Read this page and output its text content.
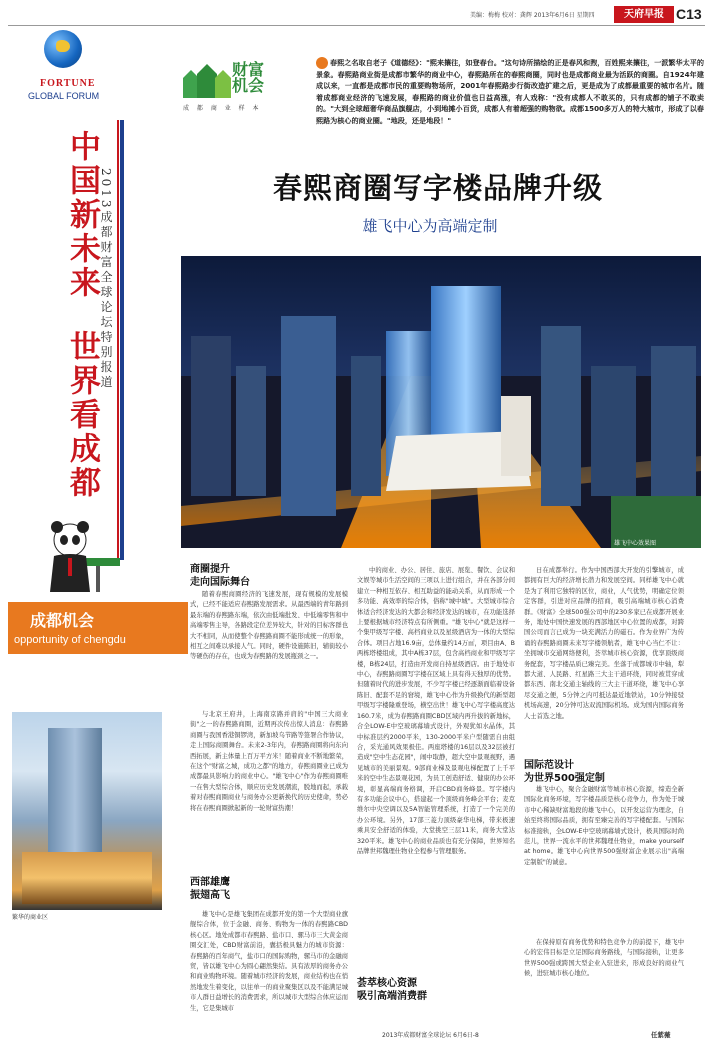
美编：梅梅 校对：龚辉 2013年6月6日 星期四	天府早报 C13
FORTUNE
GLOBAL FORUM
中国新未来
世界看成都
2013成都财富全球论坛特别报道
成都机会
opportunity of chengdu
繁华的商业区
财富机会
成 都 商 业 样 本
春熙之名取自老子《道德经》："熙来攘往，如登春台。"这句诗所描绘的正是春风和煦，百姓熙来攘往，一派繁华太平的景象。春熙路商业街是成都市繁华的商业中心，春熙路所在的春熙商圈，同时也是成都商业最为活跃的商圈。自1924年建成以来，一直都是成都市民的重要购物场所，2001年春熙路步行街改造扩建之后，更是成为了成都最重要的城市名片。随着成都商业经济的飞速发展，春熙路的商业价值也日益高涨，有人戏称："没有成都人不敢买的，只有成都的铺子不敢卖的。"大到全球超奢华商品旗舰店，小到地摊小百货，成都人有着超强的购物欲。成都1500多万人的特大城市，形成了以春熙路为核心的商业圈。"地段，还是地段！"
春熙商圈写字楼品牌升级
雄飞中心为高端定制
雄飞中心效果图
商圈提升
走向国际舞台
随着春熙商圈经济的飞速发展，现有规模的发展模式，已经不能适应春熙路发展需求。从最西端的青年路到最东端的春熙路东端，依次由低端批发、中低端零售和中高端零售主导，各路段定位差异较大，针对的目标客群也大不相同，从而使整个春熙路商圈不能形成统一的形象，相互之间难以承接人气。同时，硬件设施陈旧，辅街较小等硬伤的存在，也成为春熙路的发展瓶颈之一。
与北京王府井，上海南京路并肩的"中国三大商业街"之一的春熙路商圈，近期再次传出惊人消息：春熙路商圈与我国香港铜锣湾，新加坡乌节路等签署合作协议，走上国际商圈舞台。未来2-3年内，春熙路商圈将向东向西拓展，新主体量上百万平方米！随着商业不断地繁荣，在这个"财富之城，成功之都"的地方，春熙商圈业已成为成都最具影响力的商业中心。"雄飞中心"作为春熙商圈唯一在售大型综合体，顺应历史发展潮流，脱地而起，承载着对春熙商圈商业与商务办公更新换代的历史使命，势必将在春熙商圈掀起新的一轮财富热潮！
西部雄鹰
振翅高飞
雄飞中心是雄飞集团在成都开发的第一个大型商业旗舰综合体，位于金融、商务、购物为一体的春熙路CBD核心区。地处成都市春熙路、盐市口、骡马市三大黄金商圈交汇处，CBD财富前沿，囊括极具魅力的城市资源：春熙路的百年商气，盐市口的国际购物，骡马市的金融商贸，皆以雄飞中心为圆心翩然集结。具有浓厚的商务办公和商业购物环境。随着城市经济的发展，商业结构也在悄然地发生着变化，以往单一的商业聚集区以及不能满足城市人群日益增长的消费需求，所以城市大型综合体应运而生，它是集城市
中的商业、办公、居住、旅店、展览、餐饮、会议和文娱等城市生活空间的三项以上进行组合，并在各部分间建立一种相互依存、相互助益的能动关系，从而形成一个多功能、高效率的综合体，俗称"城中城"。大型城市综合体适合经济发达的大都会和经济发达的城市，在功能选择上要根据城市经济特点有所侧重。"雄飞中心"就是这样一个集甲级写字楼、高档商业以及星级酒店为一体的大型综合体。项目占地16.9亩，总体量约14万㎡，项目由A、B两栋塔楼组成，其中A栋37层，包含高档商业和甲级写字楼，B栋24层，打造由开发商自持星级酒店。由于地处市中心，春熙路商圈写字楼在区域上具有得天独厚的优势。但随着时代的进步发展，不少写字楼已经逐渐面临着设备陈旧、配套不足的窘境，雄飞中心作为升级换代的新型超甲级写字楼隆重登场，横空出世！雄飞中心写字楼高度达160.7米，成为春熙路商圈CBD区域内再升拔的新地标，合全LOW-E中空玻璃幕墙式设计，外观犹如水晶体，其中标准层约2000平米，130-2000平米户型随需自由组合，采光通风效果极佳。两座塔楼的16层以及32层被打造成"空中生态花园"，闹中取静，超大空中景观视野，遇见城市的美丽景观。9部商业梯及景观电梯配置了上千平米的空中生态景观花园，为员工创造舒适、健康的办公环境，彰显高端商务格调，开启CBD商务峰景。写字楼内有多功能会议中心，搭建起一个顶级商务峰会平台；麦克维尔中央空调以及5A智能管理系统，打造了一个完美的办公环境。另外，17部三菱力顶级豪华电梯，带来极速乘具安全舒适的体验，大堂挑空三层11米，商务大堂达320平米。雄飞中心的商业品质也有充分保障，世界知名品牌世邦魏理仕物业全程参与管理服务。
荟萃核心资源
吸引高端消费群
日在成都举行。作为中国西部大开发的引擎城市，成都拥有巨大的经济增长潜力和发展空间。同样雄飞中心就是为了利用它独特的区位，商业，人气优势，明确定位领定客群，引进对应品牌的招商，吸引高端城市核心消费群。《财富》全球500强公司中的230多家已在成都开展业务，地处中国快速发展的西部地区中心位置的成都，对跨国公司而言已成为一块充满活力的磁石。作为业界广为传诵的春熙路商圈未来写字楼领航者，雄飞中心当仁不让：坐拥城市交通网络便利，荟萃城市核心资源，优享顶级商务配套，写字楼品质已臻完美。坐落于成都城市中轴，犁都大道、人民路、红星路三大主干道环绕，同时被贯穿成都东西、南北交通主轴线的三大主干道环绕，雄飞中心享尽交通之便，5分钟之内可抵达最近地铁站，10分钟接驳机场高速，20分钟可达双流国际机场。成为国内国际商务人士首选之地。
国际范设计
为世界500强定制
雄飞中心，聚合金融财富等城市核心资源，缔造全新国际化商务环境，写字楼品质是核心竞争力，作为处于城市中心稀缺财富地段的雄飞中心，以开发运营为理念，自始至终将国际品质，拥有至臻完善的写字楼配套。与国际标准接轨，全LOW-E中空玻璃幕墙式设计，极具国际时尚范儿，世界一流水平的世邦魏理仕物业，make yourself at home。雄飞中心向世界500强财富企业展示出"高端定制版"的诚意。
在保持原有商务优势和特色竞争力的前提下，雄飞中心的宏伟目标是立足国际商务路线，与国际接轨，让更多世界500强或跨国大型企业入驻进来，形成良好的商业气候，进驻城市核心地位。
2013年成都财富全球论坛 6月6日-8	任紫薇
